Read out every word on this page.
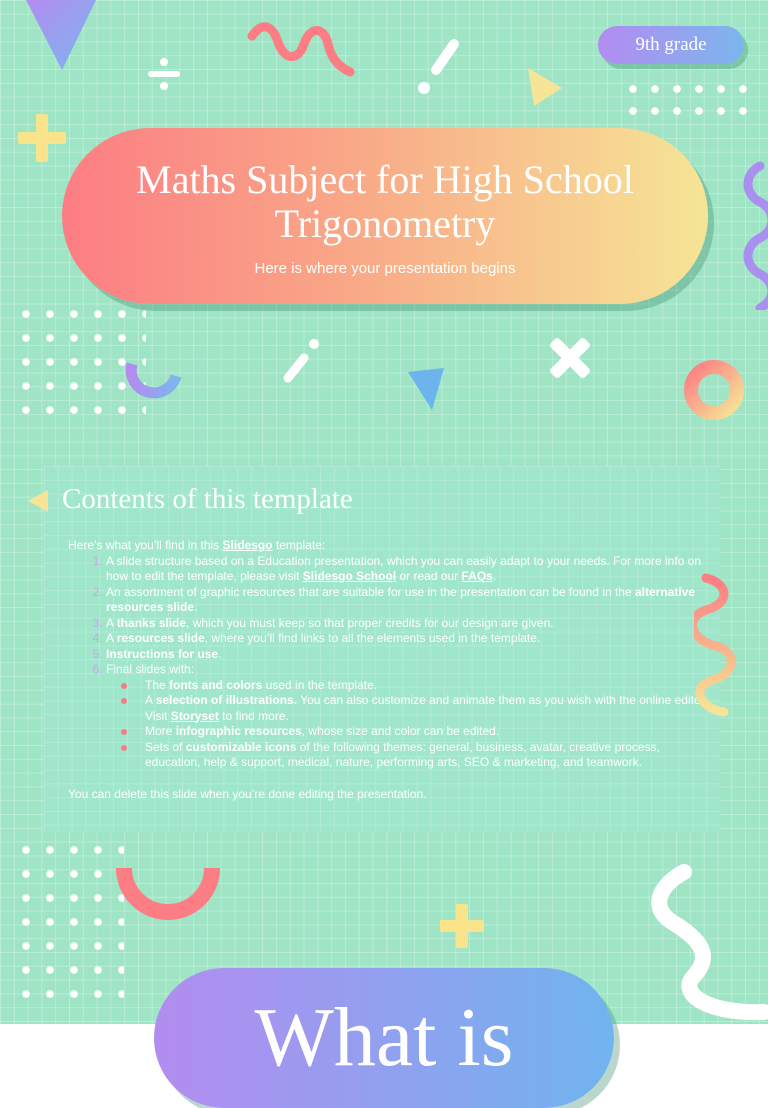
9th grade
Maths Subject for High School
Trigonometry

Here is where your presentation begins

Contents of this template

Here’s what you’ll find in this Slidesgo template:

1. A slide structure based on a Education presentation, which you can easily adapt to your needs. For more info on how to edit the template, please visit Slidesgo School or read our FAQs.
2. An assortment of graphic resources that are suitable for use in the presentation can be found in the alternative resources slide.
3. A thanks slide, which you must keep so that proper credits for our design are given.
4. A resources slide, where you’ll find links to all the elements used in the template.
5. Instructions for use.
6. Final slides with:
The fonts and colors used in the template.
A selection of illustrations. You can also customize and animate them as you wish with the online editor. Visit Storyset to find more.
More infographic resources, whose size and color can be edited.
Sets of customizable icons of the following themes: general, business, avatar, creative process, education, help & support, medical, nature, performing arts, SEO & marketing, and teamwork.

You can delete this slide when you’re done editing the presentation.

What is
